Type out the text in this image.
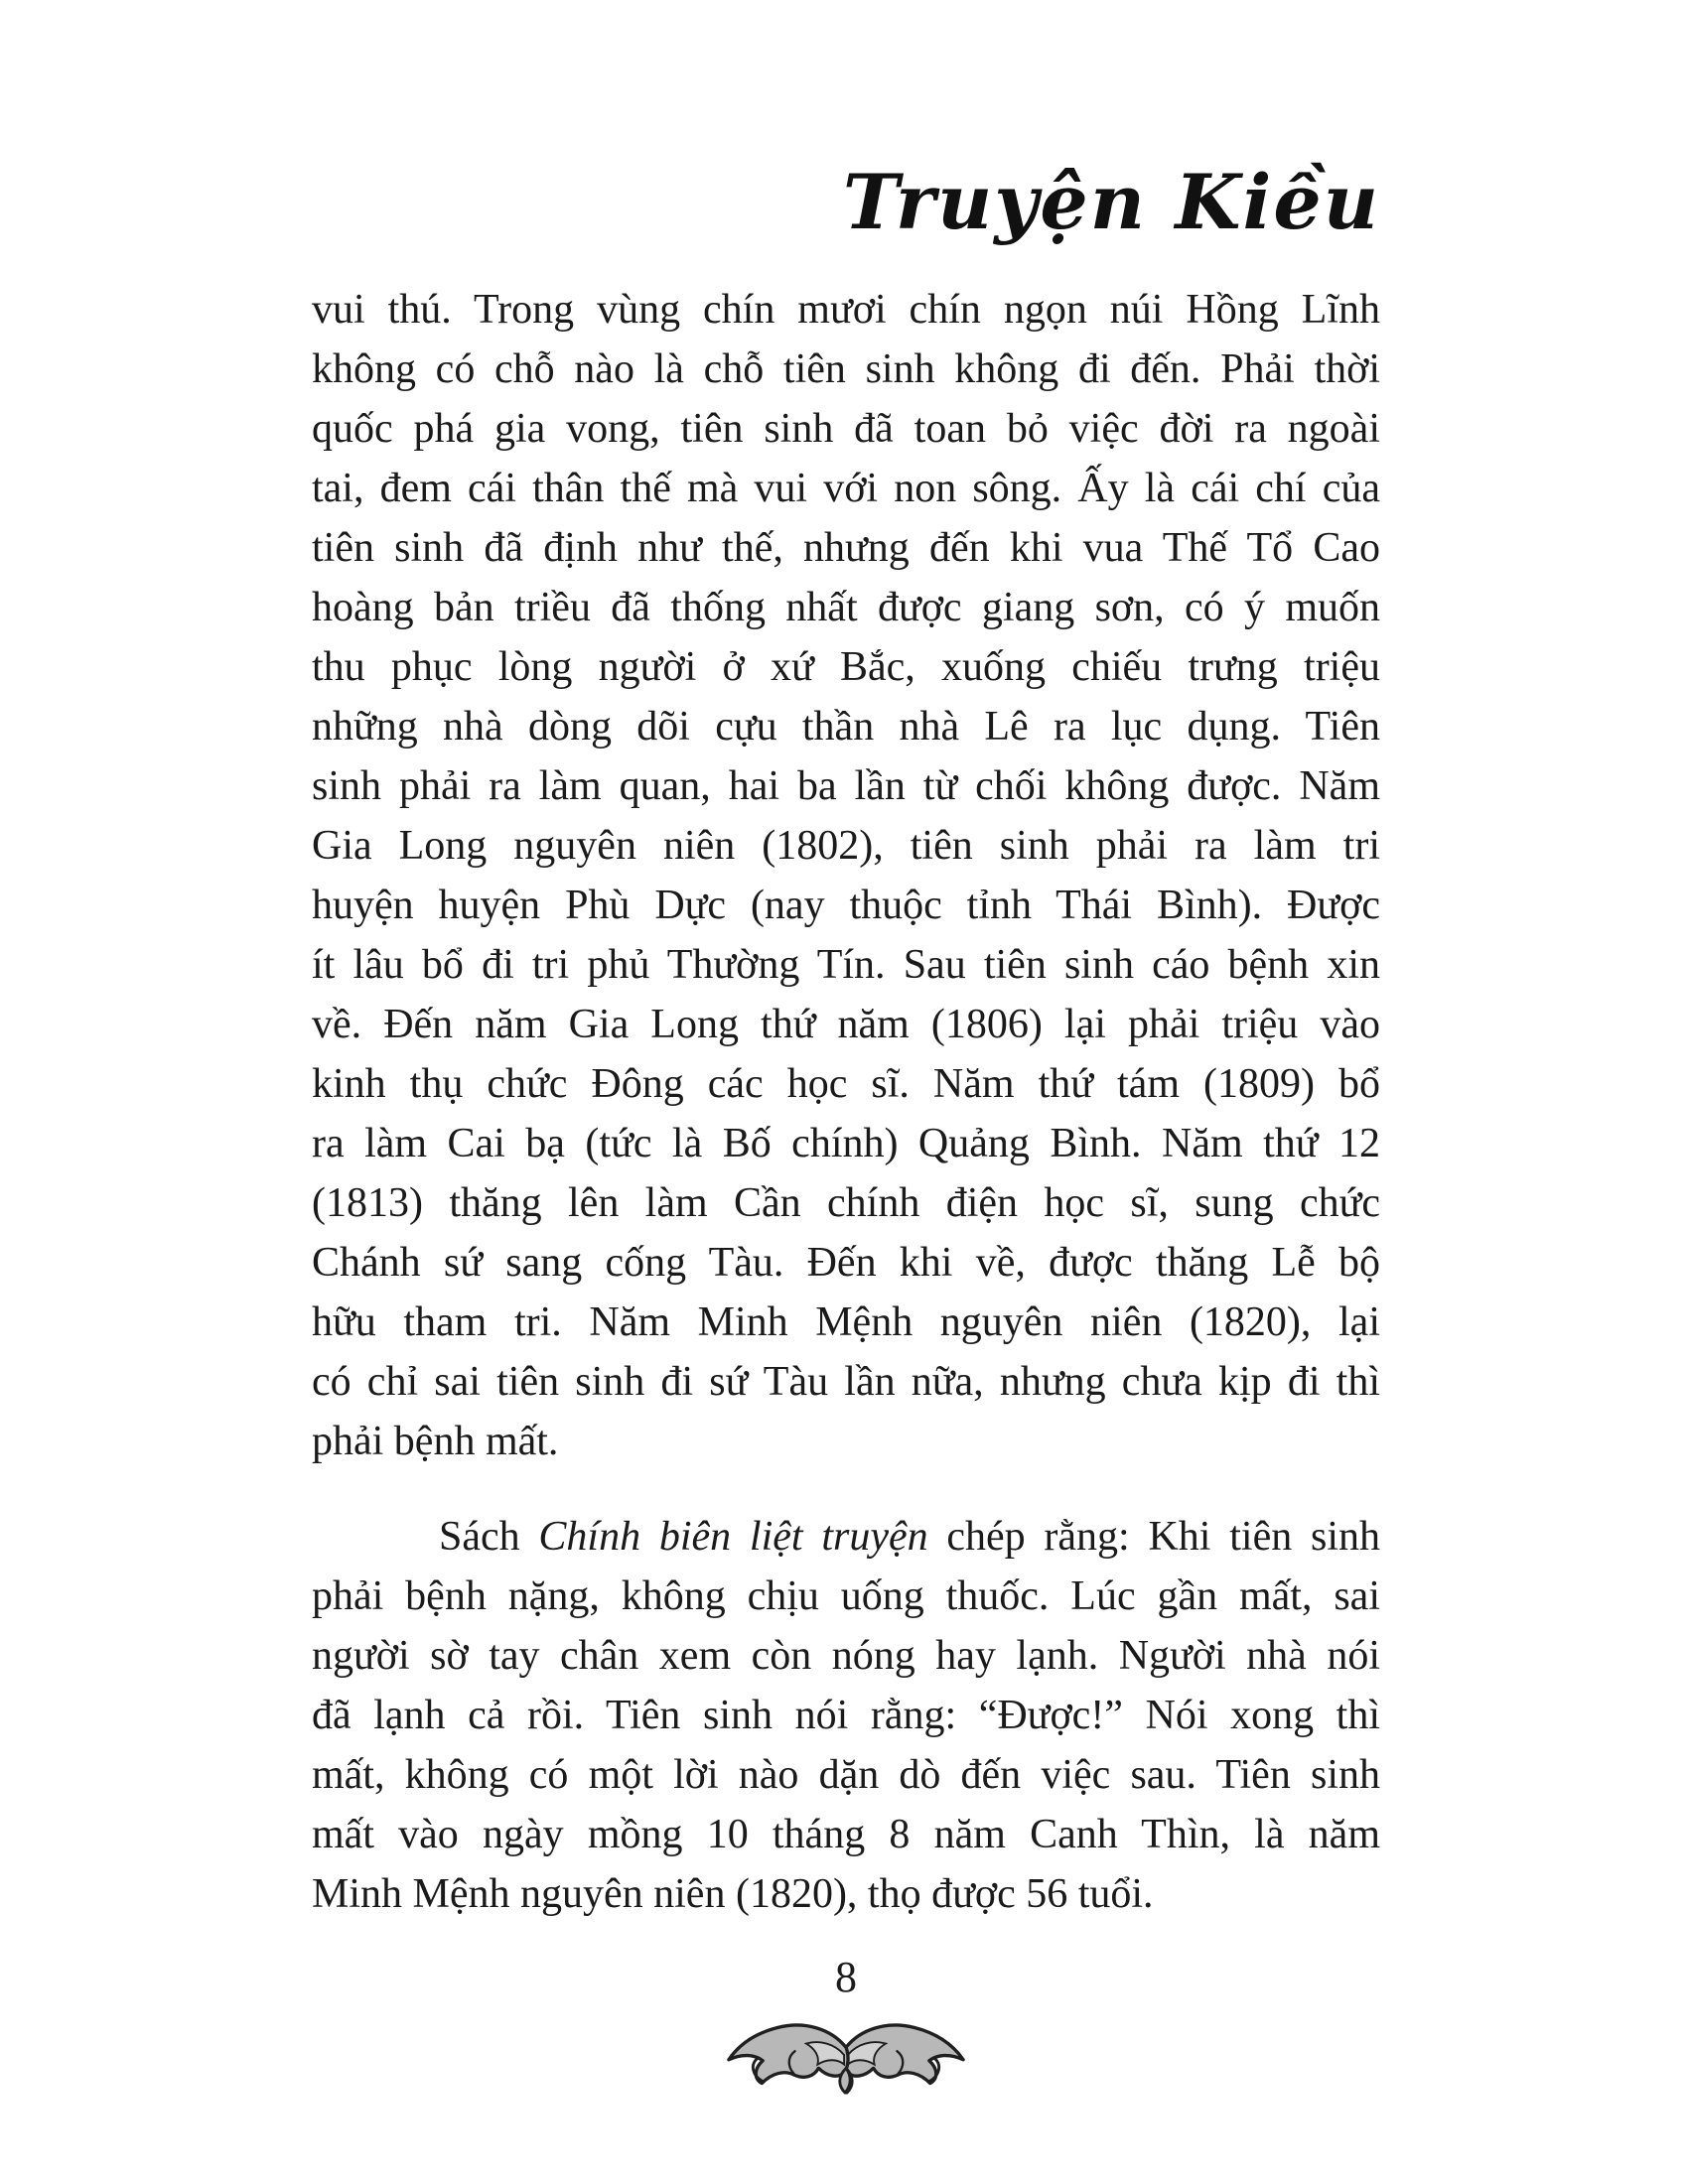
Truyện Kiều
vui thú. Trong vùng chín mươi chín ngọn núi Hồng Lĩnh
không có chỗ nào là chỗ tiên sinh không đi đến. Phải thời
quốc phá gia vong, tiên sinh đã toan bỏ việc đời ra ngoài
tai, đem cái thân thế mà vui với non sông. Ấy là cái chí của
tiên sinh đã định như thế, nhưng đến khi vua Thế Tổ Cao
hoàng bản triều đã thống nhất được giang sơn, có ý muốn
thu phục lòng người ở xứ Bắc, xuống chiếu trưng triệu
những nhà dòng dõi cựu thần nhà Lê ra lục dụng. Tiên
sinh phải ra làm quan, hai ba lần từ chối không được. Năm
Gia Long nguyên niên (1802), tiên sinh phải ra làm tri
huyện huyện Phù Dực (nay thuộc tỉnh Thái Bình). Được
ít lâu bổ đi tri phủ Thường Tín. Sau tiên sinh cáo bệnh xin
về. Đến năm Gia Long thứ năm (1806) lại phải triệu vào
kinh thụ chức Đông các học sĩ. Năm thứ tám (1809) bổ
ra làm Cai bạ (tức là Bố chính) Quảng Bình. Năm thứ 12
(1813) thăng lên làm Cần chính điện học sĩ, sung chức
Chánh sứ sang cống Tàu. Đến khi về, được thăng Lễ bộ
hữu tham tri. Năm Minh Mệnh nguyên niên (1820), lại
có chỉ sai tiên sinh đi sứ Tàu lần nữa, nhưng chưa kịp đi thì
phải bệnh mất.
Sách Chính biên liệt truyện chép rằng: Khi tiên sinh
phải bệnh nặng, không chịu uống thuốc. Lúc gần mất, sai
người sờ tay chân xem còn nóng hay lạnh. Người nhà nói
đã lạnh cả rồi. Tiên sinh nói rằng: “Được!” Nói xong thì
mất, không có một lời nào dặn dò đến việc sau. Tiên sinh
mất vào ngày mồng 10 tháng 8 năm Canh Thìn, là năm
Minh Mệnh nguyên niên (1820), thọ được 56 tuổi.
8
